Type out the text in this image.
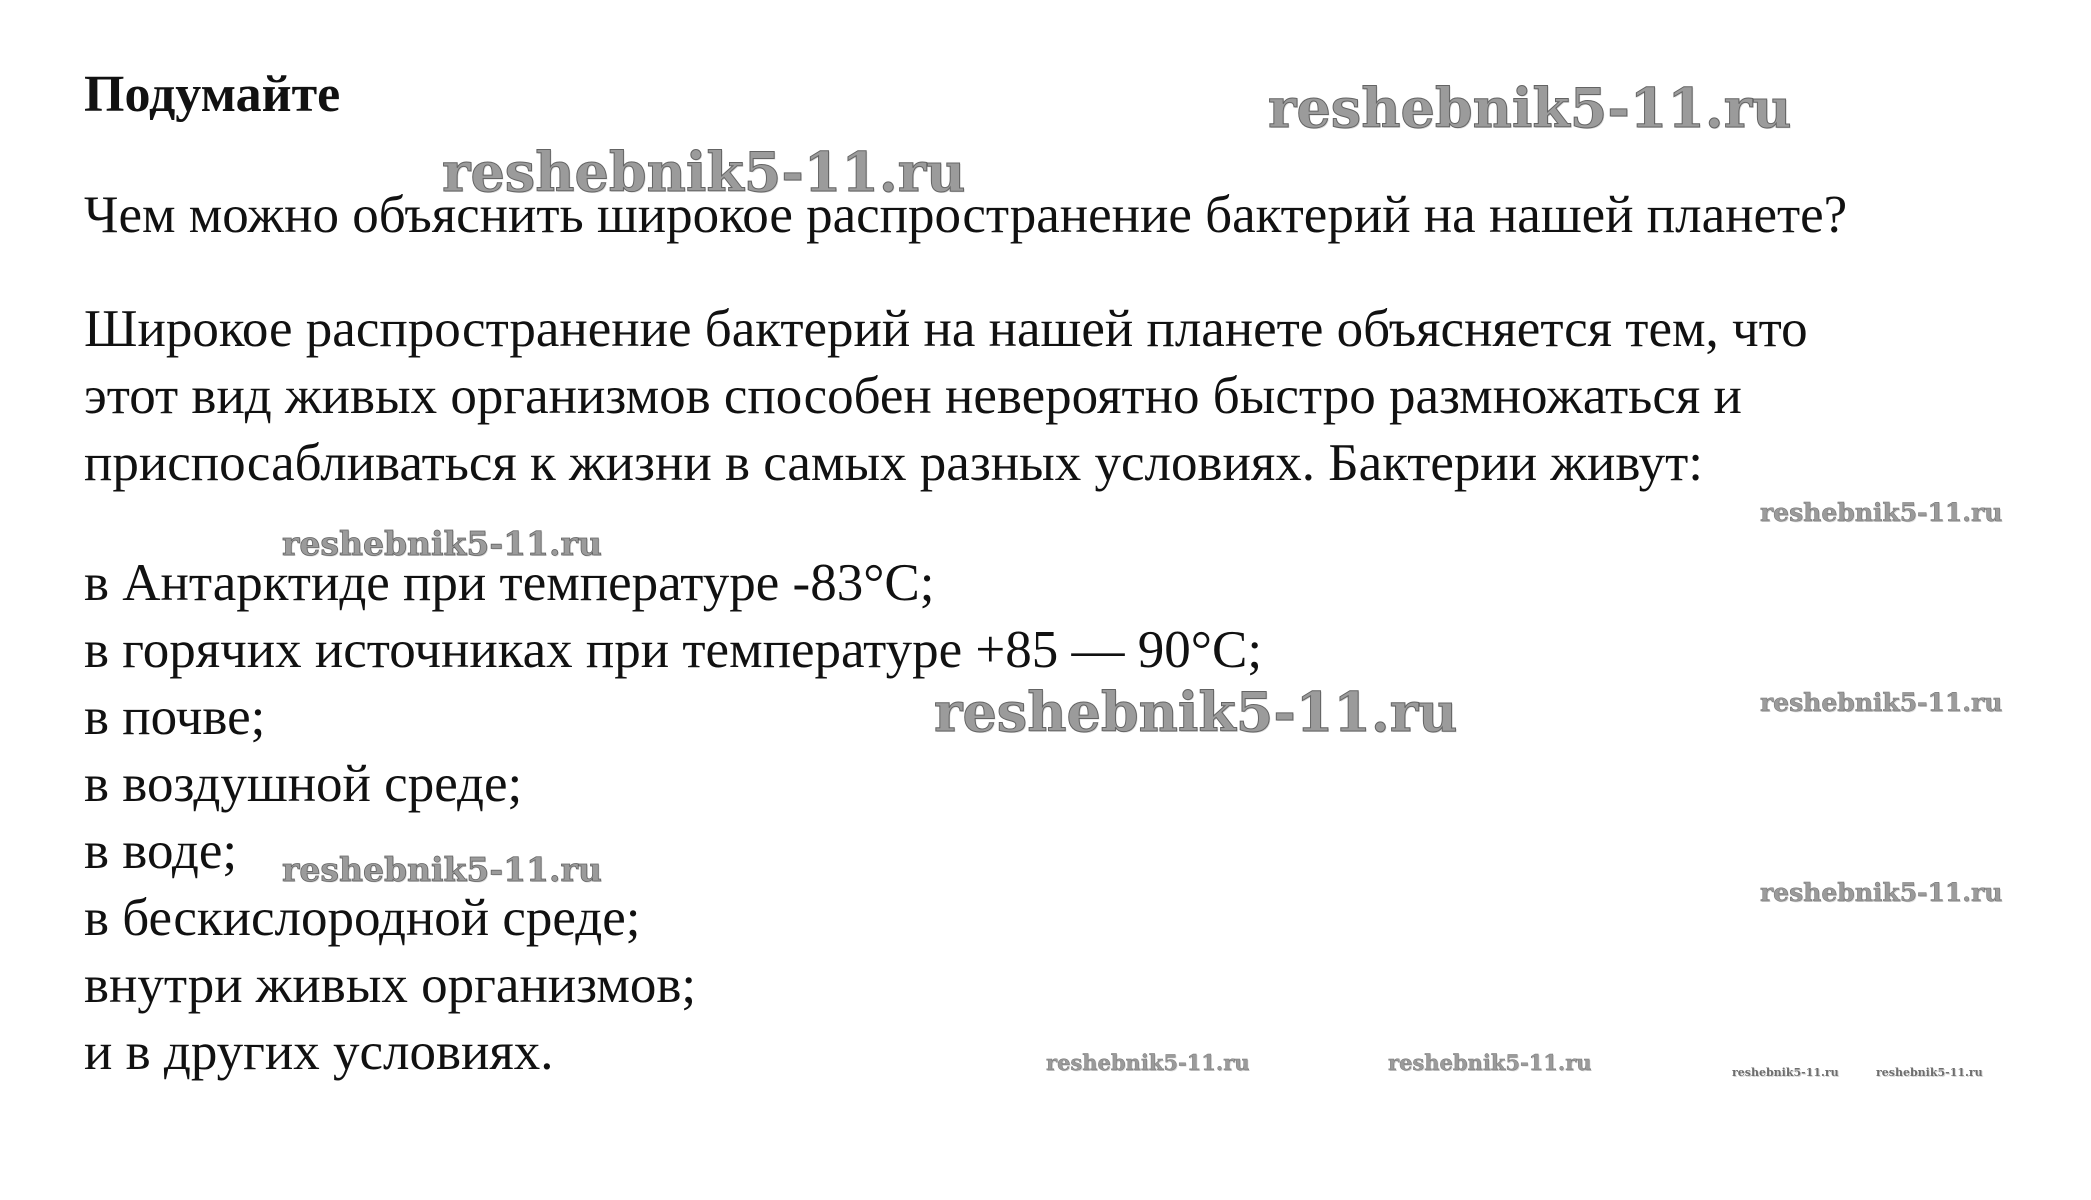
Подумайте
Чем можно объяснить широкое распространение бактерий на нашей планете?

Широкое распространение бактерий на нашей планете объясняется тем, что
этот вид живых организмов способен невероятно быстро размножаться и
приспосабливаться к жизни в самых разных условиях. Бактерии живут:

в Антарктиде при температуре -83°С;
в горячих источниках при температуре +85 — 90°С;
в почве;
в воздушной среде;
в воде;
в бескислородной среде;
внутри живых организмов;
и в других условиях.
reshebnik5-11.ru
reshebnik5-11.ru
reshebnik5-11.ru
reshebnik5-11.ru
reshebnik5-11.ru	reshebnik5-11.ru
reshebnik5-11.ru
reshebnik5-11.ru
reshebnik5-11.ru	reshebnik5-11.ru	reshebnik5-11.ru	reshebnik5-11.ru
